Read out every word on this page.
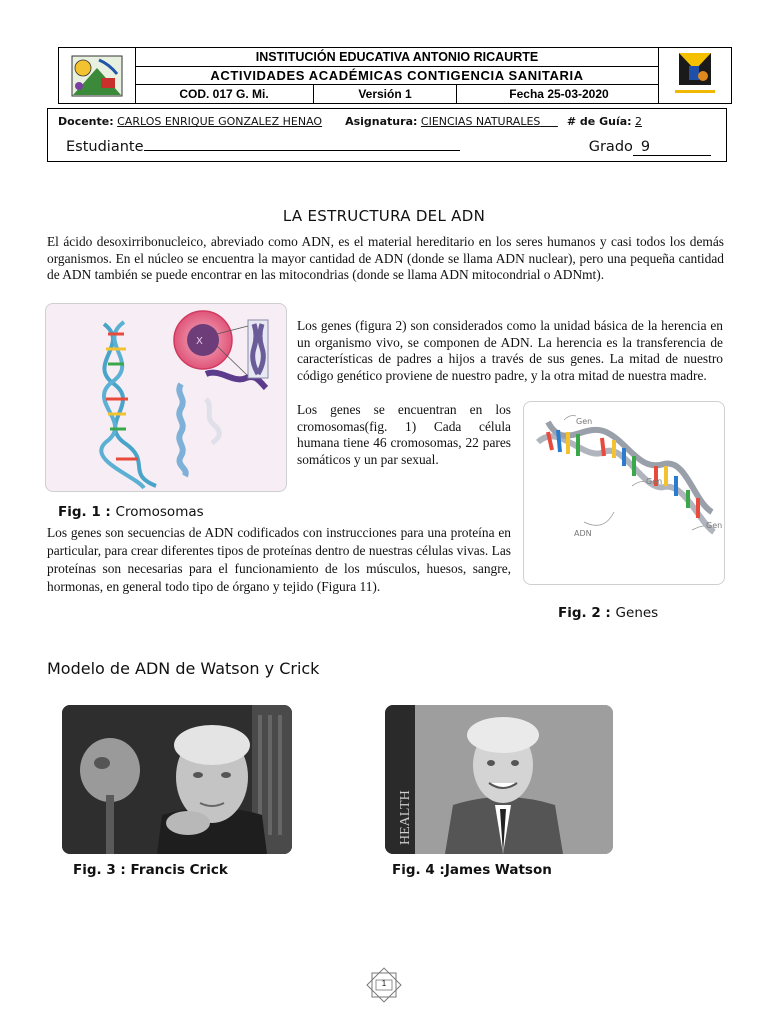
INSTITUCIÓN EDUCATIVA ANTONIO RICAURTE
ACTIVIDADES ACADÉMICAS CONTIGENCIA SANITARIA
COD. 017 G. Mi.	Versión 1	Fecha 25-03-2020
Docente: CARLOS ENRIQUE GONZALEZ HENAO Asignatura: CIENCIAS NATURALES # de Guía: 2
Estudiante	Grado 9
LA ESTRUCTURA DEL ADN
El ácido desoxirribonucleico, abreviado como ADN, es el material hereditario en los seres humanos y casi todos los demás organismos. En el núcleo se encuentra la mayor cantidad de ADN (donde se llama ADN nuclear), pero una pequeña cantidad de ADN también se puede encontrar en las mitocondrias (donde se llama ADN mitocondrial o ADNmt).
X
Los genes (figura 2) son considerados como la unidad básica de la herencia en un organismo vivo, se componen de ADN. La herencia es la transferencia de características de padres a hijos a través de sus genes. La mitad de nuestro código genético proviene de nuestro padre, y la otra mitad de nuestra madre.
Los genes se encuentran en los cromosomas(fig. 1) Cada célula humana tiene 46 cromosomas, 22 pares somáticos y un par sexual.
Gen
Gen
Gen
ADN
Fig. 1 : Cromosomas
Los genes son secuencias de ADN codificados con instrucciones para una proteína en particular, para crear diferentes tipos de proteínas dentro de nuestras células vivas. Las proteínas son necesarias para el funcionamiento de los músculos, huesos, sangre, hormonas, en general todo tipo de órgano y tejido (Figura 11).
Fig. 2 : Genes
Modelo de ADN de Watson y Crick
HEALTH
Fig. 3 : Francis Crick	Fig. 4 :James Watson
1
